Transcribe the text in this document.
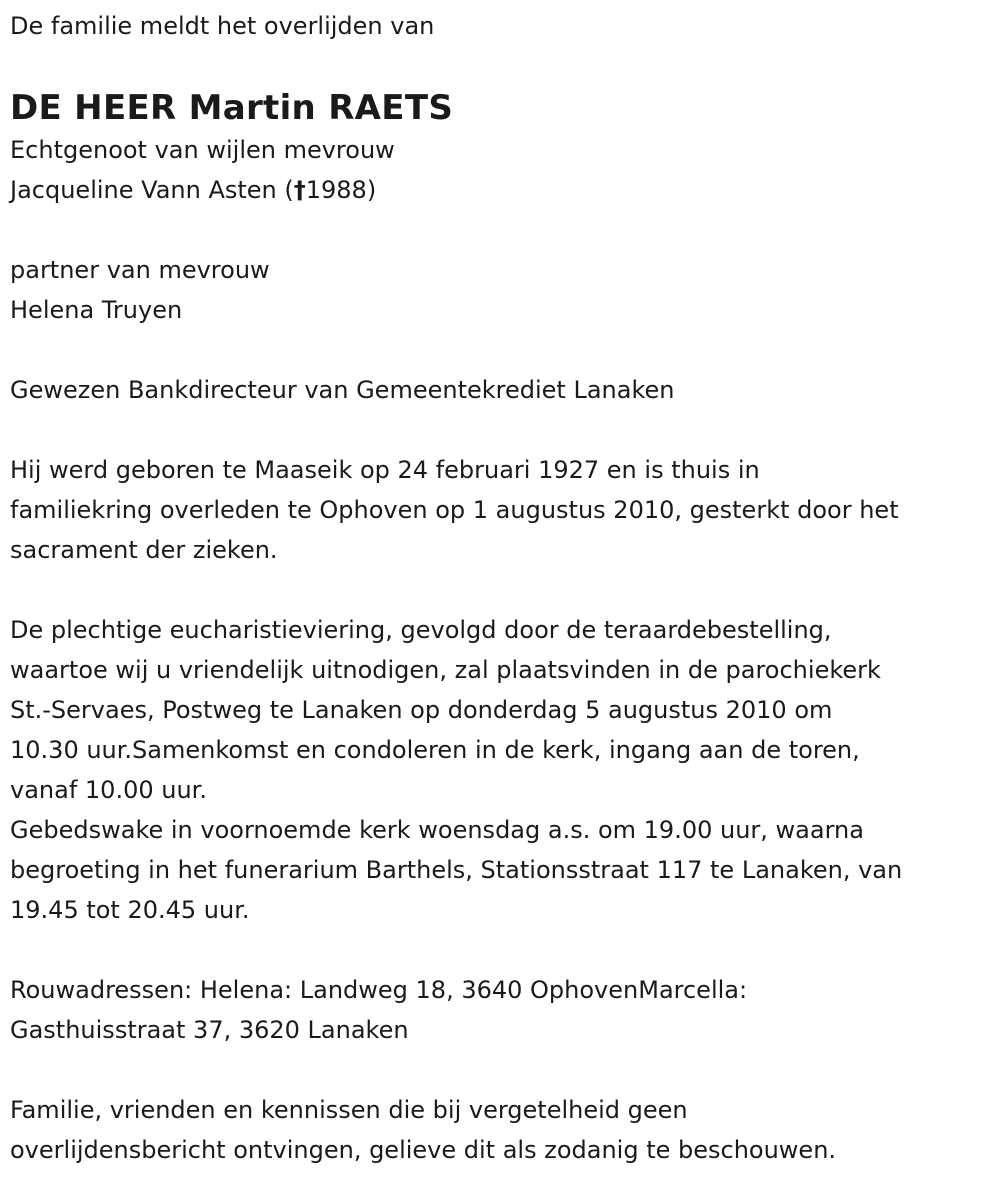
De familie meldt het overlijden van

DE HEER Martin RAETS

Echtgenoot van wijlen mevrouw

Jacqueline Vann Asten (†1988)

partner van mevrouw

Helena Truyen

Gewezen Bankdirecteur van Gemeentekrediet Lanaken

Hij werd geboren te Maaseik op 24 februari 1927 en is thuis in

familiekring overleden te Ophoven op 1 augustus 2010, gesterkt door het

sacrament der zieken.

De plechtige eucharistieviering, gevolgd door de teraardebestelling,

waartoe wij u vriendelijk uitnodigen, zal plaatsvinden in de parochiekerk

St.-Servaes, Postweg te Lanaken op donderdag 5 augustus 2010 om

10.30 uur.Samenkomst en condoleren in de kerk, ingang aan de toren,

vanaf 10.00 uur.

Gebedswake in voornoemde kerk woensdag a.s. om 19.00 uur, waarna

begroeting in het funerarium Barthels, Stationsstraat 117 te Lanaken, van

19.45 tot 20.45 uur.

Rouwadressen: Helena: Landweg 18, 3640 OphovenMarcella:

Gasthuisstraat 37, 3620 Lanaken

Familie, vrienden en kennissen die bij vergetelheid geen

overlijdensbericht ontvingen, gelieve dit als zodanig te beschouwen.
